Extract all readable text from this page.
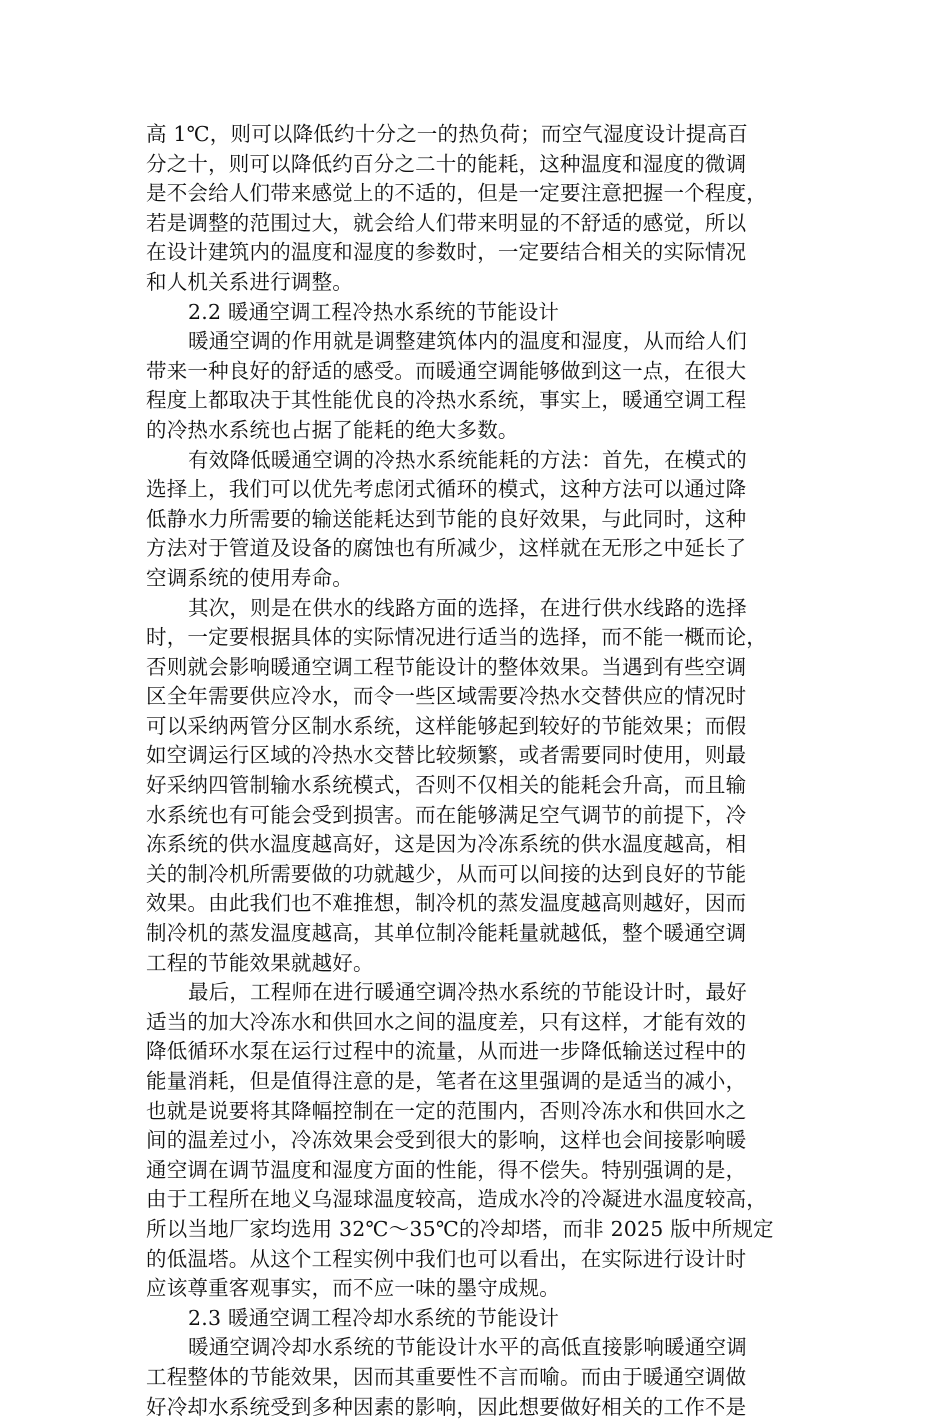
高 1℃，则可以降低约十分之一的热负荷；而空气湿度设计提高百
分之十，则可以降低约百分之二十的能耗，这种温度和湿度的微调
是不会给人们带来感觉上的不适的，但是一定要注意把握一个程度，
若是调整的范围过大，就会给人们带来明显的不舒适的感觉，所以
在设计建筑内的温度和湿度的参数时，一定要结合相关的实际情况
和人机关系进行调整。
2.2 暖通空调工程冷热水系统的节能设计
暖通空调的作用就是调整建筑体内的温度和湿度，从而给人们
带来一种良好的舒适的感受。而暖通空调能够做到这一点，在很大
程度上都取决于其性能优良的冷热水系统，事实上，暖通空调工程
的冷热水系统也占据了能耗的绝大多数。
有效降低暖通空调的冷热水系统能耗的方法：首先，在模式的
选择上，我们可以优先考虑闭式循环的模式，这种方法可以通过降
低静水力所需要的输送能耗达到节能的良好效果，与此同时，这种
方法对于管道及设备的腐蚀也有所减少，这样就在无形之中延长了
空调系统的使用寿命。
其次，则是在供水的线路方面的选择，在进行供水线路的选择
时，一定要根据具体的实际情况进行适当的选择，而不能一概而论，
否则就会影响暖通空调工程节能设计的整体效果。当遇到有些空调
区全年需要供应冷水，而令一些区域需要冷热水交替供应的情况时
可以采纳两管分区制水系统，这样能够起到较好的节能效果；而假
如空调运行区域的冷热水交替比较频繁，或者需要同时使用，则最
好采纳四管制输水系统模式，否则不仅相关的能耗会升高，而且输
水系统也有可能会受到损害。而在能够满足空气调节的前提下，冷
冻系统的供水温度越高好，这是因为冷冻系统的供水温度越高，相
关的制冷机所需要做的功就越少，从而可以间接的达到良好的节能
效果。由此我们也不难推想，制冷机的蒸发温度越高则越好，因而
制冷机的蒸发温度越高，其单位制冷能耗量就越低，整个暖通空调
工程的节能效果就越好。
最后，工程师在进行暖通空调冷热水系统的节能设计时，最好
适当的加大冷冻水和供回水之间的温度差，只有这样，才能有效的
降低循环水泵在运行过程中的流量，从而进一步降低输送过程中的
能量消耗，但是值得注意的是，笔者在这里强调的是适当的减小，
也就是说要将其降幅控制在一定的范围内，否则冷冻水和供回水之
间的温差过小，冷冻效果会受到很大的影响，这样也会间接影响暖
通空调在调节温度和湿度方面的性能，得不偿失。特别强调的是，
由于工程所在地义乌湿球温度较高，造成水冷的冷凝进水温度较高，
所以当地厂家均选用 32℃～35℃的冷却塔，而非 2025 版中所规定
的低温塔。从这个工程实例中我们也可以看出，在实际进行设计时
应该尊重客观事实，而不应一味的墨守成规。
2.3 暖通空调工程冷却水系统的节能设计
暖通空调冷却水系统的节能设计水平的高低直接影响暖通空调
工程整体的节能效果，因而其重要性不言而喻。而由于暖通空调做
好冷却水系统受到多种因素的影响，因此想要做好相关的工作不是
